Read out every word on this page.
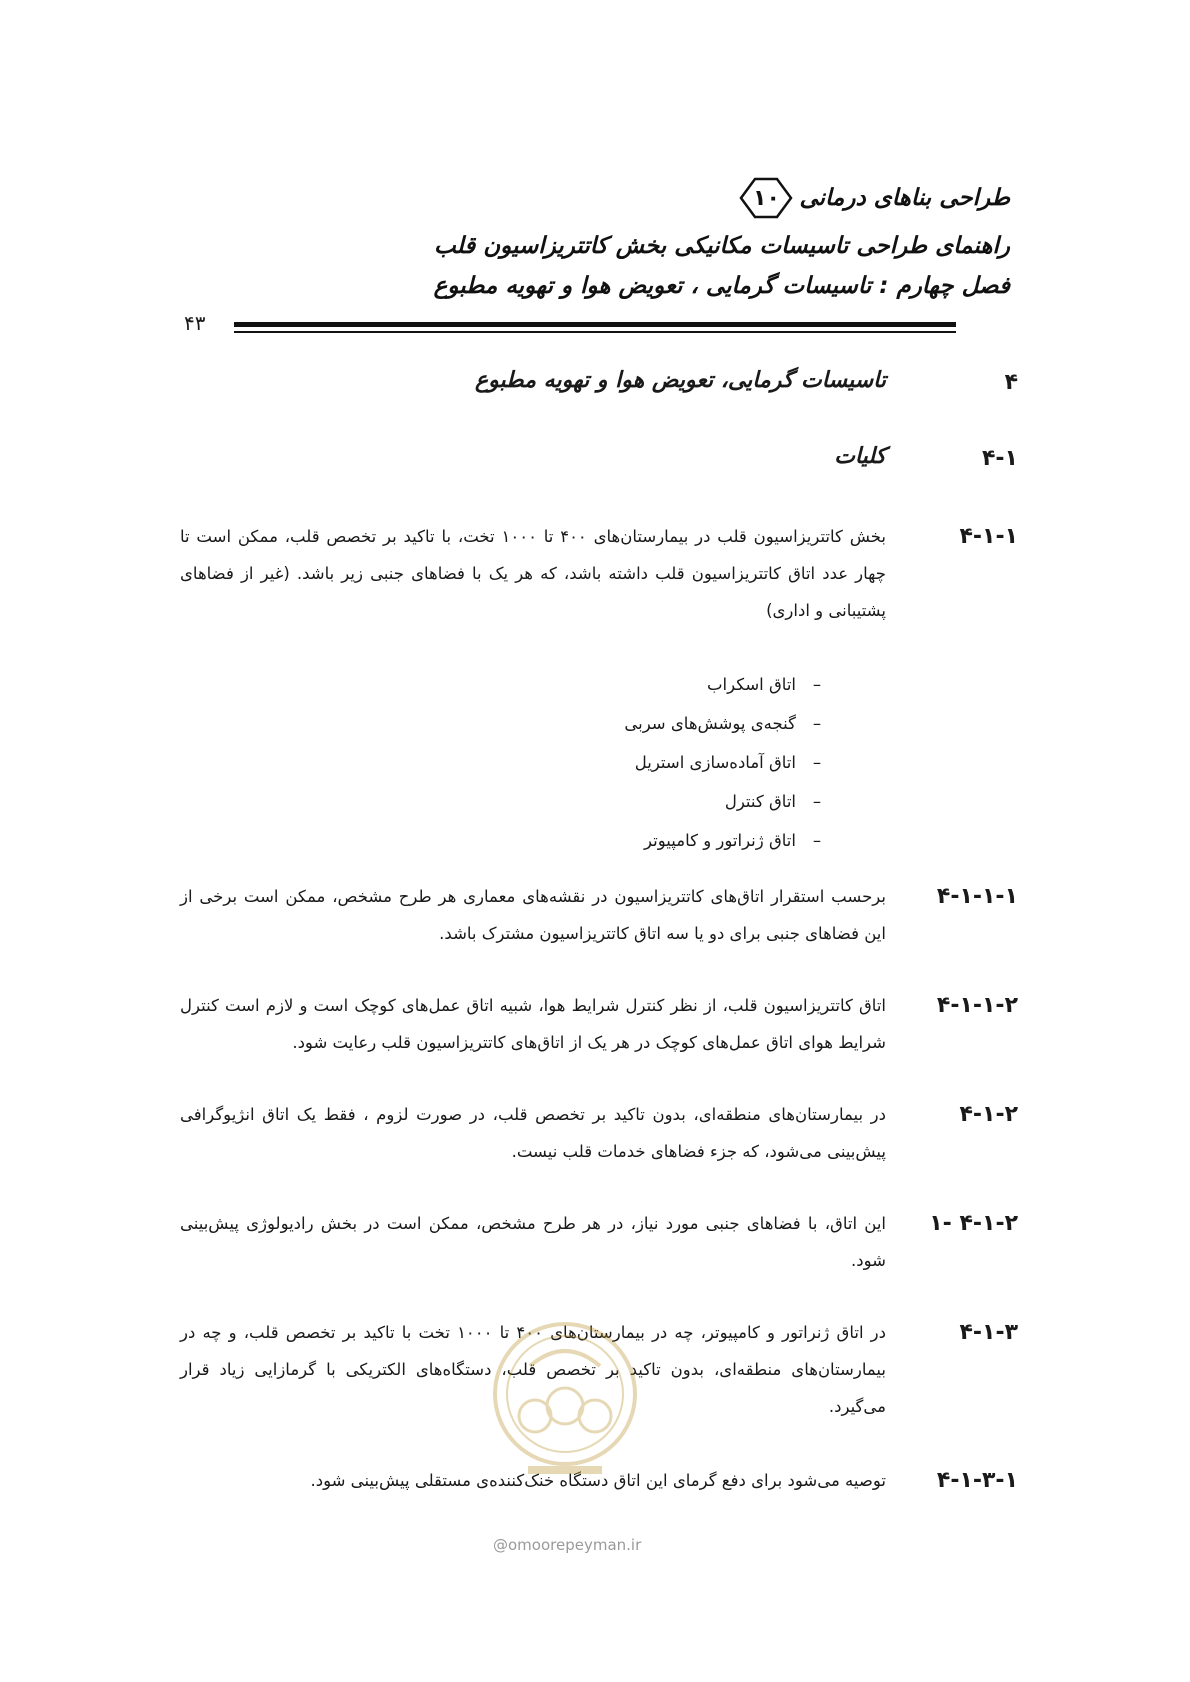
طراحی بناهای درمانی
۱۰
راهنمای طراحی تاسیسات مکانیکی بخش کاتتریزاسیون قلب
فصل چهارم : تاسیسات گرمایی ، تعویض هوا و تهویه مطبوع
۴۳
۴
تاسیسات گرمایی، تعویض هوا و تهویه مطبوع
۴-۱
کلیات
۴-۱-۱
بخش کاتتریزاسیون قلب در بیمارستان‌های ۴۰۰ تا ۱۰۰۰ تخت، با تاکید بر تخصص قلب، ممکن است تا چهار عدد اتاق کاتتریزاسیون قلب داشته باشد، که هر یک با فضاهای جنبی زیر باشد. (غیر از فضاهای پشتیبانی و اداری)
–اتاق اسکراب
–گنجه‌ی پوشش‌های سربی
–اتاق آماده‌سازی استریل
–اتاق کنترل
–اتاق ژنراتور و کامپیوتر
۴-۱-۱-۱
برحسب استقرار اتاق‌های کاتتریزاسیون در نقشه‌های معماری هر طرح مشخص، ممکن است برخی از این فضاهای جنبی برای دو یا سه اتاق کاتتریزاسیون مشترک باشد.
۴-۱-۱-۲
اتاق کاتتریزاسیون قلب، از نظر کنترل شرایط هوا، شبیه اتاق عمل‌های کوچک است و لازم است کنترل شرایط هوای اتاق عمل‌های کوچک در هر یک از اتاق‌های کاتتریزاسیون قلب رعایت شود.
۴-۱-۲
در بیمارستان‌های منطقه‌ای، بدون تاکید بر تخصص قلب، در صورت لزوم ، فقط یک اتاق انژیوگرافی پیش‌بینی می‌شود، که جزء فضاهای خدمات قلب نیست.
۴-۱-۲ -۱
این اتاق، با فضاهای جنبی مورد نیاز، در هر طرح مشخص، ممکن است در بخش رادیولوژی پیش‌بینی شود.
۴-۱-۳
در اتاق ژنراتور و کامپیوتر، چه در بیمارستان‌های ۴۰۰ تا ۱۰۰۰ تخت با تاکید بر تخصص قلب، و چه در بیمارستان‌های منطقه‌ای، بدون تاکید بر تخصص قلب، دستگاه‌های الکتریکی با گرمازایی زیاد قرار می‌گیرد.
۴-۱-۳-۱
توصیه می‌شود برای دفع گرمای این اتاق دستگاه خنک‌کننده‌ی مستقلی پیش‌بینی شود.
@omoorepeyman.ir
